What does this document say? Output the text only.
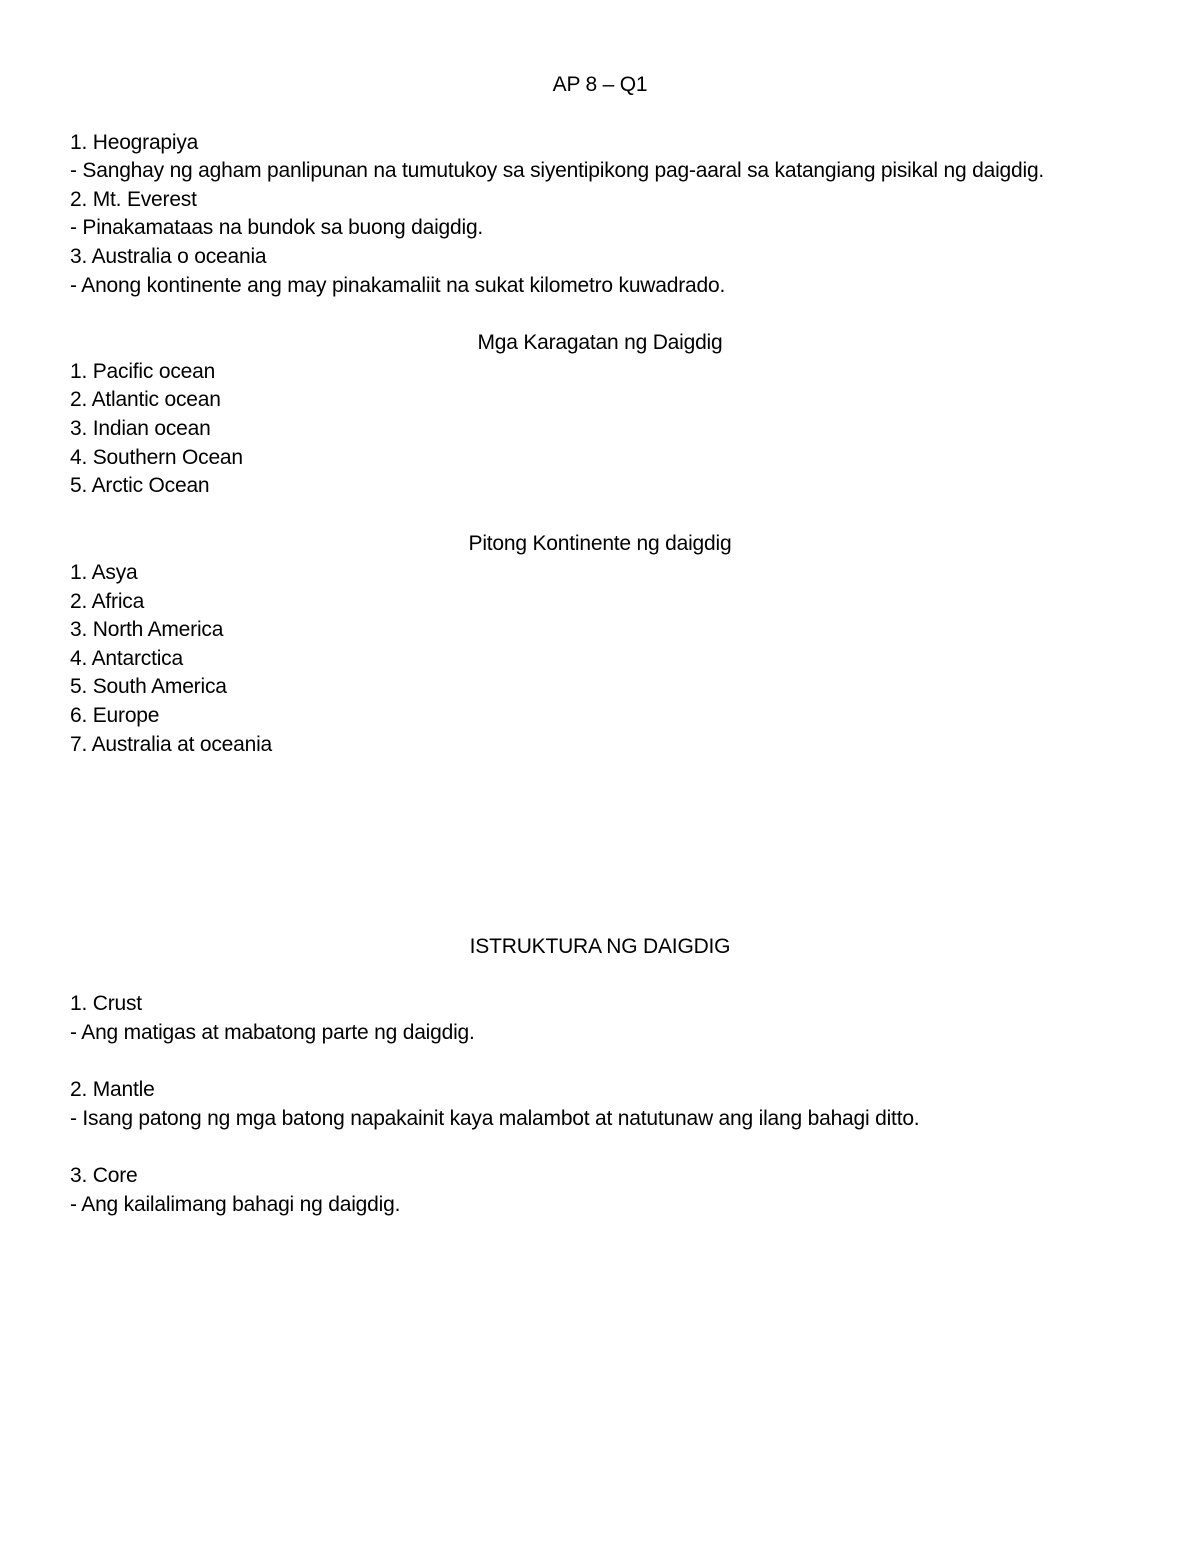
AP 8 – Q1
1. Heograpiya
- Sanghay ng agham panlipunan na tumutukoy sa siyentipikong pag-aaral sa katangiang pisikal ng daigdig.
2. Mt. Everest
- Pinakamataas na bundok sa buong daigdig.
3. Australia o oceania
- Anong kontinente ang may pinakamaliit na sukat kilometro kuwadrado.
Mga Karagatan ng Daigdig
1. Pacific ocean
2. Atlantic ocean
3. Indian ocean
4. Southern Ocean
5. Arctic Ocean
Pitong Kontinente ng daigdig
1. Asya
2. Africa
3. North America
4. Antarctica
5. South America
6. Europe
7. Australia at oceania
ISTRUKTURA NG DAIGDIG
1. Crust
- Ang matigas at mabatong parte ng daigdig.
2. Mantle
- Isang patong ng mga batong napakainit kaya malambot at natutunaw ang ilang bahagi ditto.
3. Core
- Ang kailalimang bahagi ng daigdig.
